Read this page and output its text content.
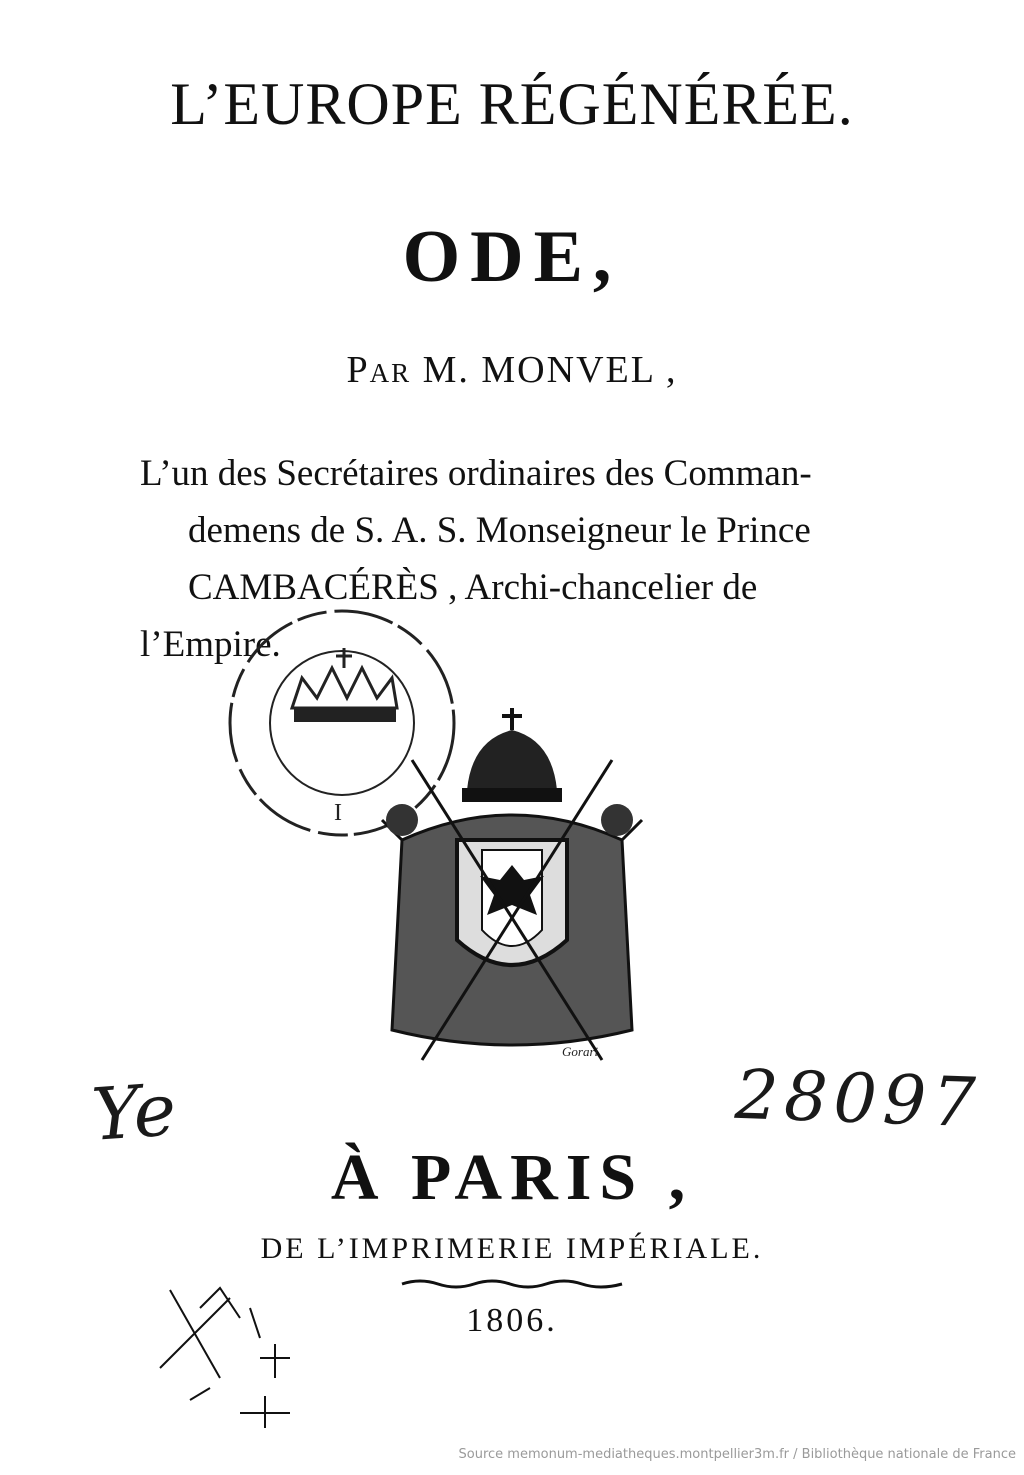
L’EUROPE RÉGÉNÉRÉE.
ODE,
Par M. MONVEL ,
L’un des Secrétaires ordinaires des Comman-
demens de S. A. S. Monseigneur le Prince
CAMBACÉRÈS , Archi-chancelier de
l’Empire.
I
Gorari
Ye	28097
À PARIS ,
DE L’IMPRIMERIE IMPÉRIALE.
1806.
Source memonum-mediatheques.montpellier3m.fr / Bibliothèque nationale de France
